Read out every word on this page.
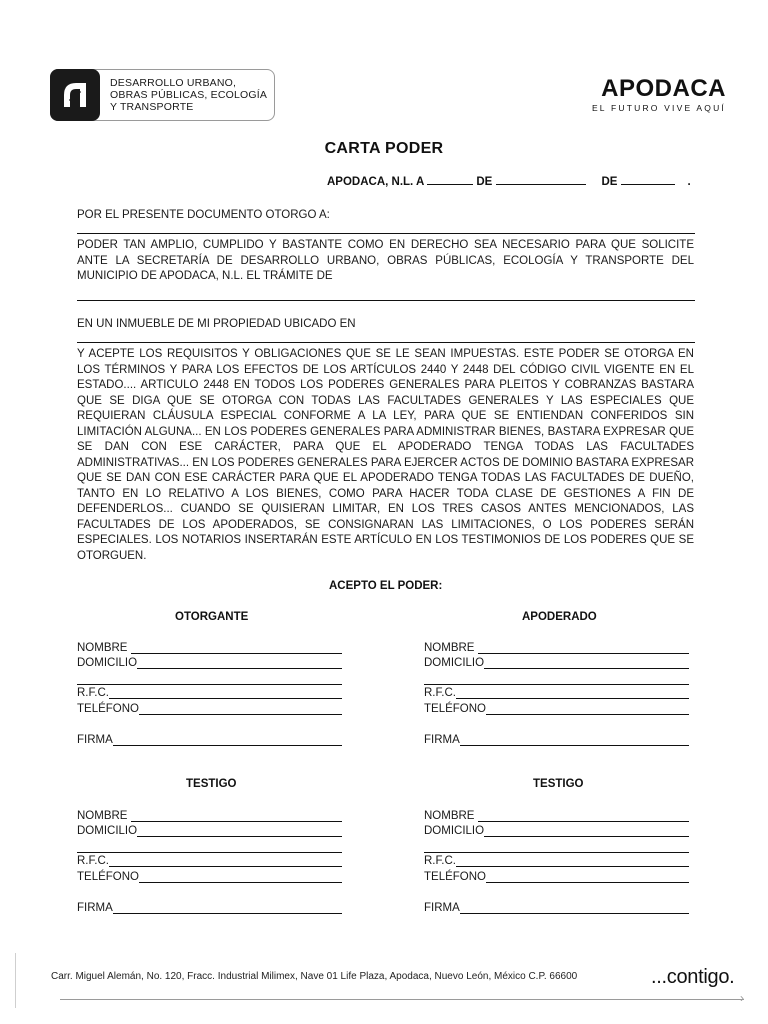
DESARROLLO URBANO,
OBRAS PÚBLICAS, ECOLOGÍA
Y TRANSPORTE
APODACA
EL FUTURO VIVE AQUÍ
CARTA PODER
APODACA, N.L. A	DE	DE	.
POR EL PRESENTE DOCUMENTO OTORGO A:
PODER TAN AMPLIO, CUMPLIDO Y BASTANTE COMO EN DERECHO SEA NECESARIO PARA QUE SOLICITE ANTE LA SECRETARÍA DE DESARROLLO URBANO, OBRAS PÚBLICAS, ECOLOGÍA Y TRANSPORTE DEL MUNICIPIO DE APODACA, N.L. EL TRÁMITE DE
EN UN INMUEBLE DE MI PROPIEDAD UBICADO EN
Y ACEPTE LOS REQUISITOS Y OBLIGACIONES QUE SE LE SEAN IMPUESTAS. ESTE PODER SE OTORGA EN LOS TÉRMINOS Y PARA LOS EFECTOS DE LOS ARTÍCULOS 2440 Y 2448 DEL CÓDIGO CIVIL VIGENTE EN EL ESTADO.... ARTICULO 2448 EN TODOS LOS PODERES GENERALES PARA PLEITOS Y COBRANZAS BASTARA QUE SE DIGA QUE SE OTORGA CON TODAS LAS FACULTADES GENERALES Y LAS ESPECIALES QUE REQUIERAN CLÁUSULA ESPECIAL CONFORME A LA LEY, PARA QUE SE ENTIENDAN CONFERIDOS SIN LIMITACIÓN ALGUNA... EN LOS PODERES GENERALES PARA ADMINISTRAR BIENES, BASTARA EXPRESAR QUE SE DAN CON ESE CARÁCTER, PARA QUE EL APODERADO TENGA TODAS LAS FACULTADES ADMINISTRATIVAS... EN LOS PODERES GENERALES PARA EJERCER ACTOS DE DOMINIO BASTARA EXPRESAR QUE SE DAN CON ESE CARÁCTER PARA QUE EL APODERADO TENGA TODAS LAS FACULTADES DE DUEÑO, TANTO EN LO RELATIVO A LOS BIENES, COMO PARA HACER TODA CLASE DE GESTIONES A FIN DE DEFENDERLOS... CUANDO SE QUISIERAN LIMITAR, EN LOS TRES CASOS ANTES MENCIONADOS, LAS FACULTADES DE LOS APODERADOS, SE CONSIGNARAN LAS LIMITACIONES, O LOS PODERES SERÁN ESPECIALES. LOS NOTARIOS INSERTARÁN ESTE ARTÍCULO EN LOS TESTIMONIOS DE LOS PODERES QUE SE OTORGUEN.
ACEPTO EL PODER:
OTORGANTE
NOMBRE
DOMICILIO
R.F.C.
TELÉFONO
FIRMA
APODERADO
NOMBRE
DOMICILIO
R.F.C.
TELÉFONO
FIRMA
TESTIGO
NOMBRE
DOMICILIO
R.F.C.
TELÉFONO
FIRMA
TESTIGO
NOMBRE
DOMICILIO
R.F.C.
TELÉFONO
FIRMA
Carr. Miguel Alemán, No. 120, Fracc. Industrial Milimex, Nave 01 Life Plaza, Apodaca, Nuevo León, México C.P. 66600	...contigo.
›
